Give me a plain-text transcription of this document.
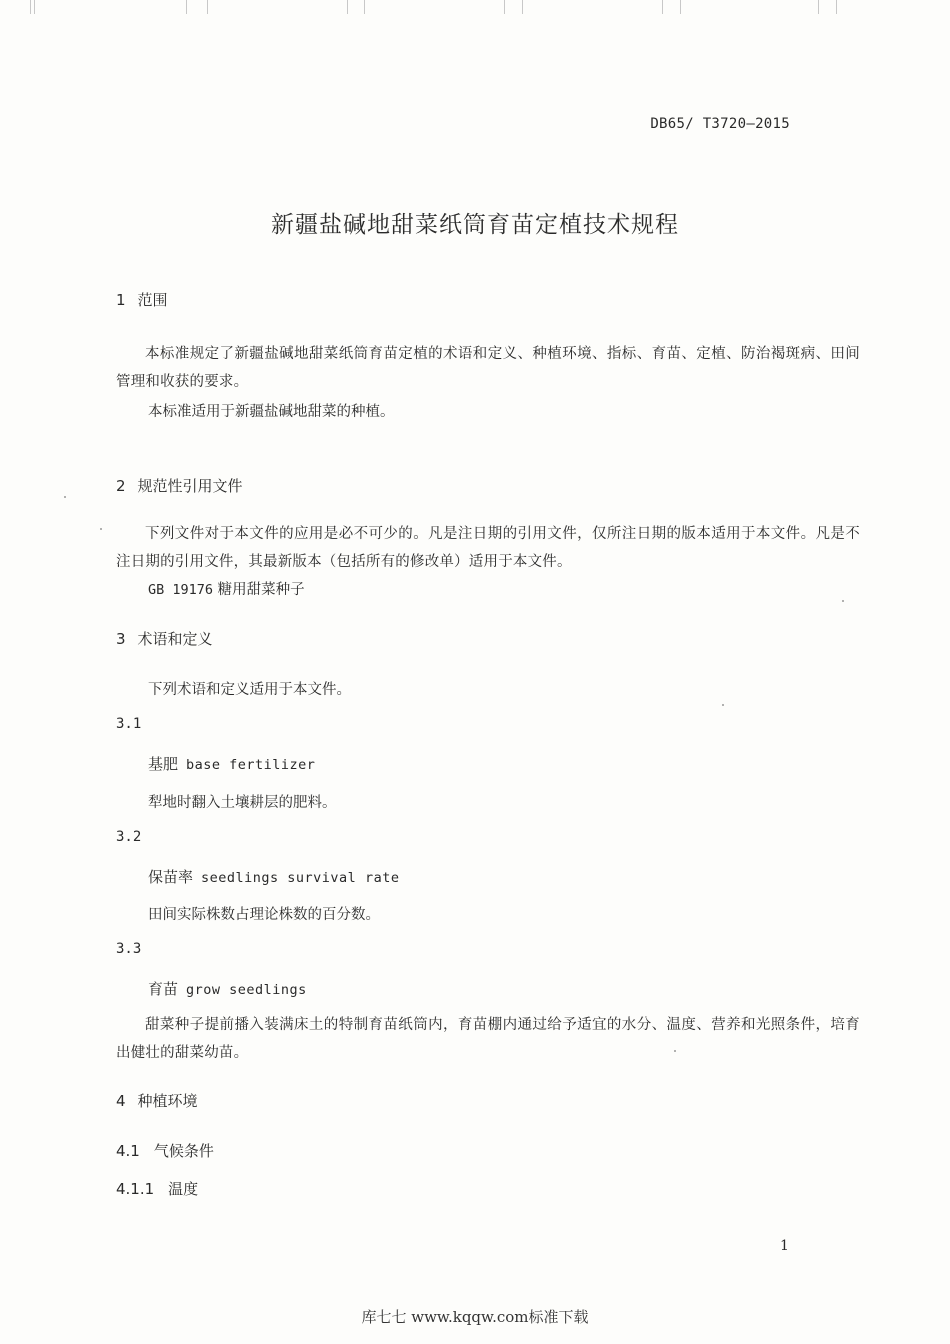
DB65/ T3720—2015
新疆盐碱地甜菜纸筒育苗定植技术规程
1 范围
本标准规定了新疆盐碱地甜菜纸筒育苗定植的术语和定义、种植环境、指标、育苗、定植、防治褐斑病、田间管理和收获的要求。
本标准适用于新疆盐碱地甜菜的种植。
2 规范性引用文件
下列文件对于本文件的应用是必不可少的。凡是注日期的引用文件，仅所注日期的版本适用于本文件。凡是不注日期的引用文件，其最新版本（包括所有的修改单）适用于本文件。
GB 19176 糖用甜菜种子
3 术语和定义
下列术语和定义适用于本文件。
3.1
基肥 base fertilizer
犁地时翻入土壤耕层的肥料。
3.2
保苗率 seedlings survival rate
田间实际株数占理论株数的百分数。
3.3
育苗 grow seedlings
甜菜种子提前播入装满床土的特制育苗纸筒内，育苗棚内通过给予适宜的水分、温度、营养和光照条件，培育出健壮的甜菜幼苗。
4 种植环境
4.1 气候条件
4.1.1 温度
1
库七七 www.kqqw.com标准下载
